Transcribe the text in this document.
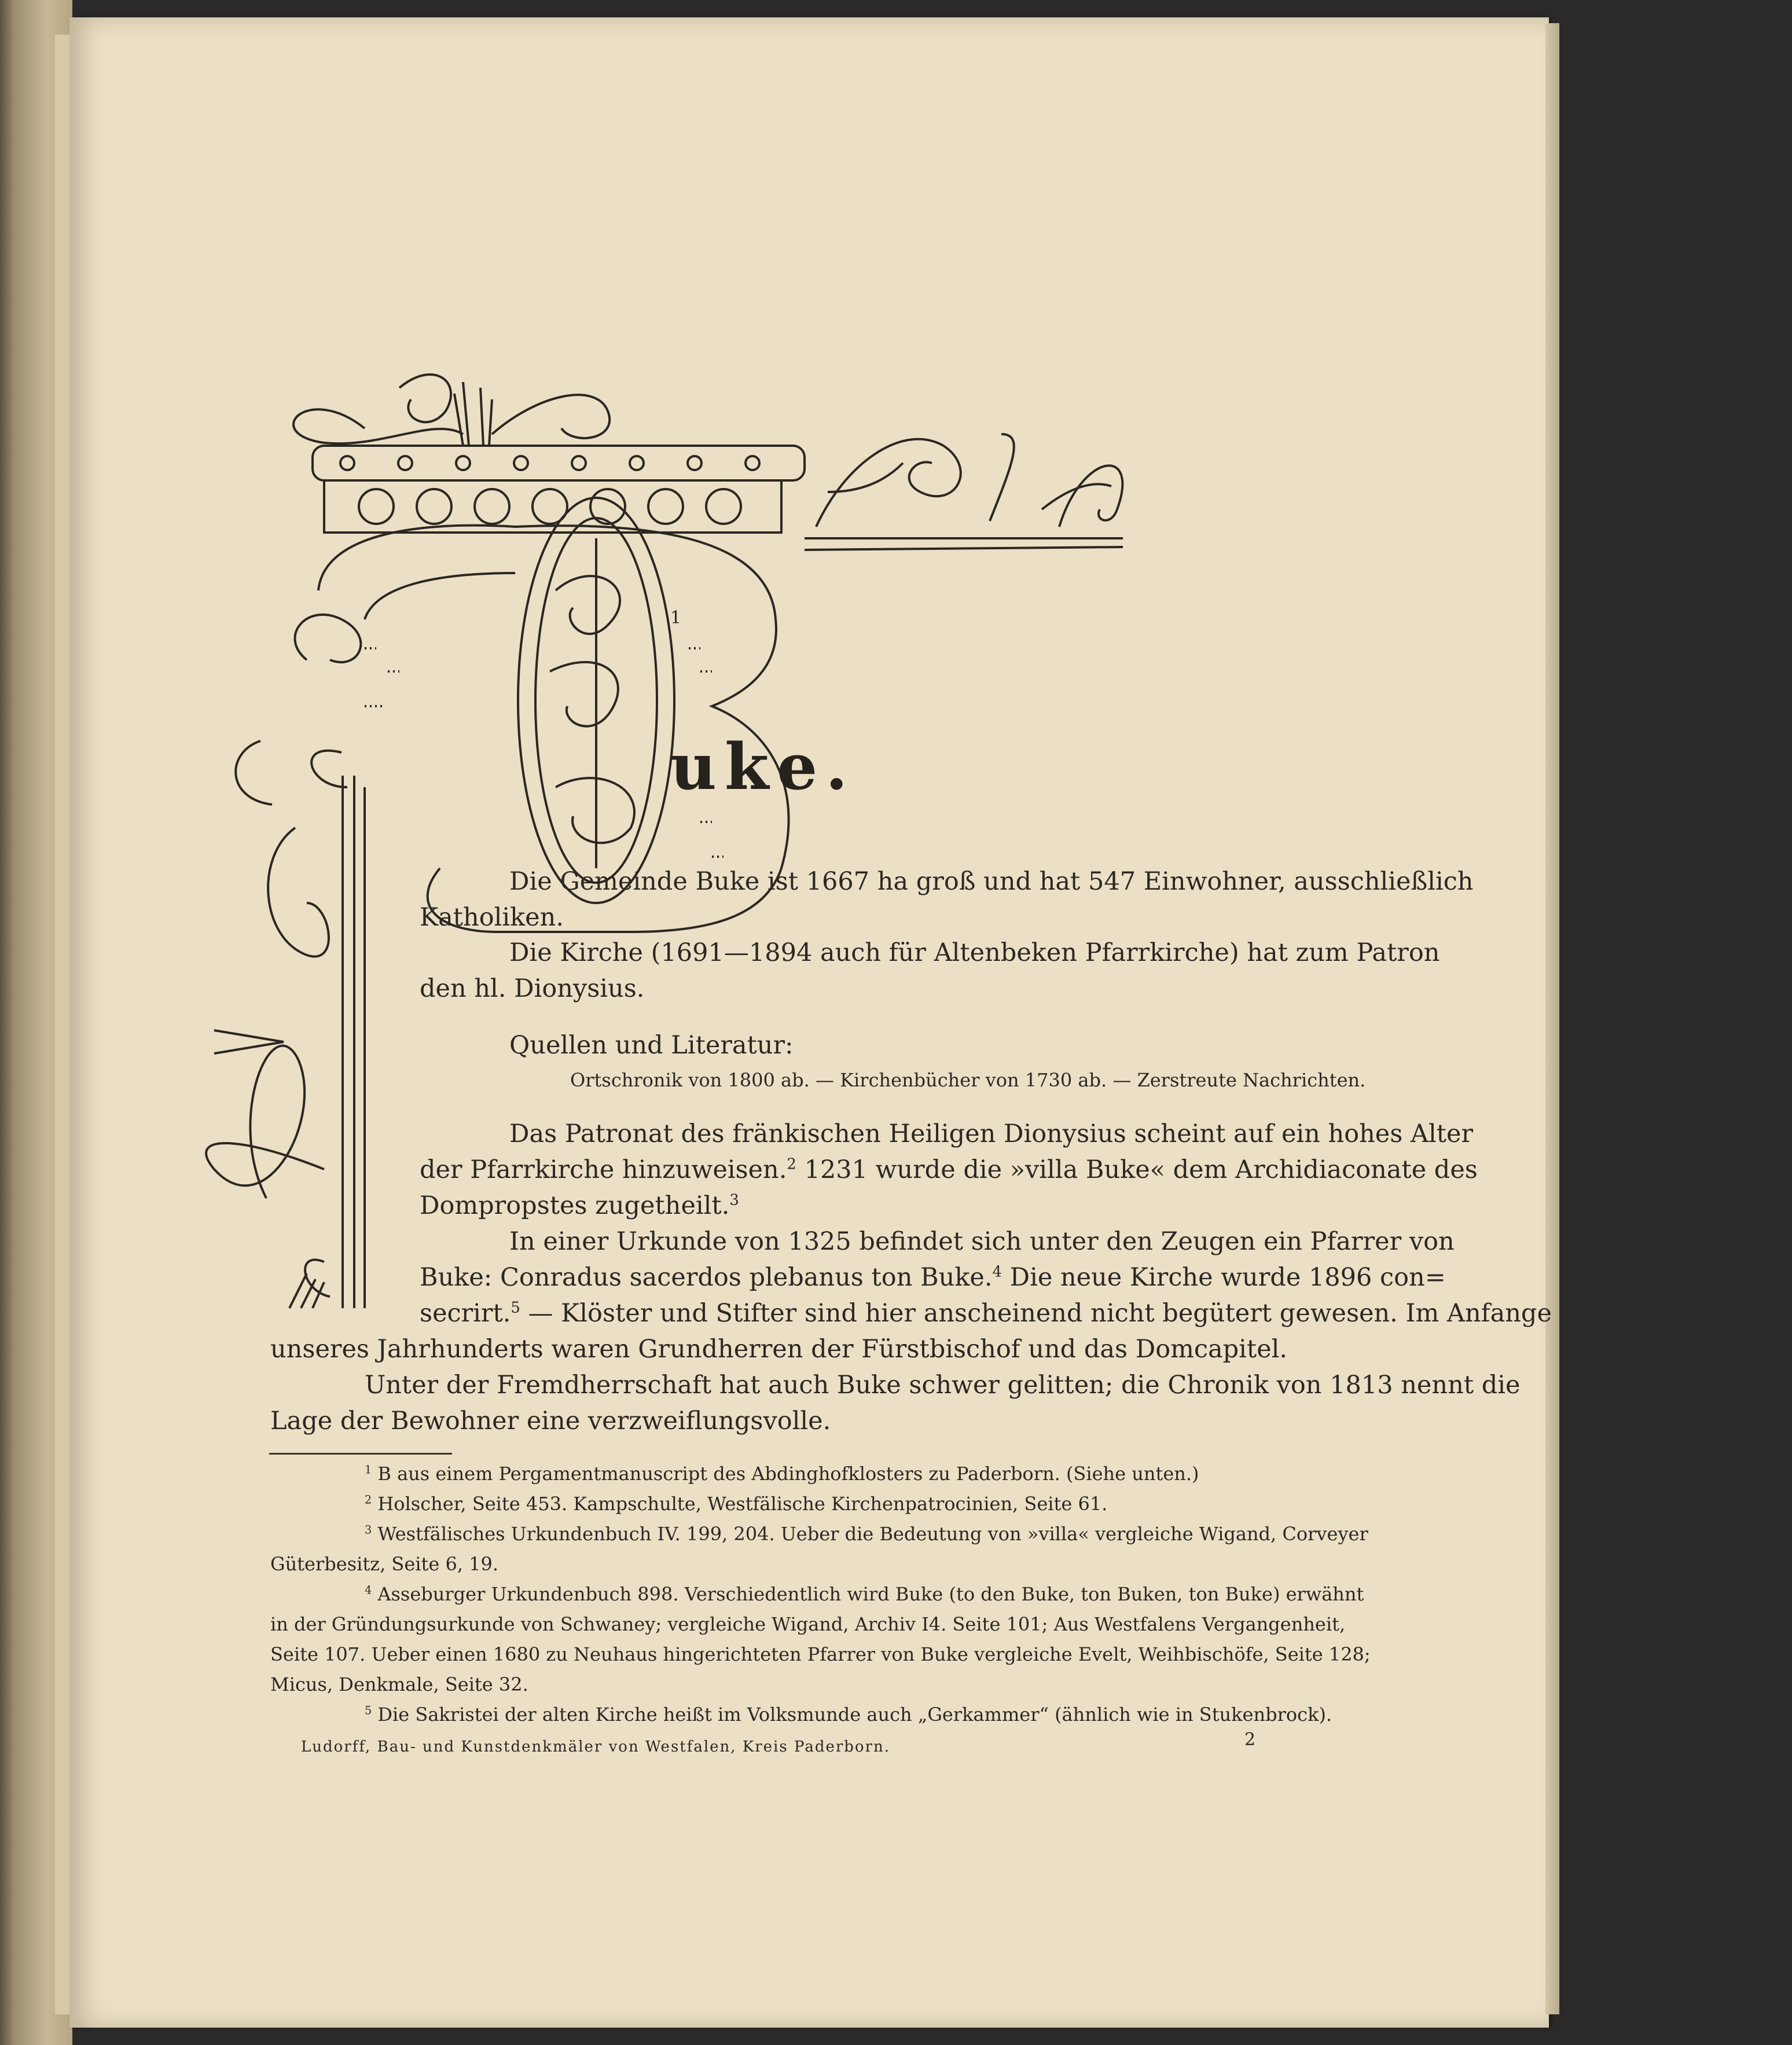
1
uke.
Die Gemeinde Buke ist 1667 ha groß und hat 547 Einwohner, ausschließlich
Katholiken.
Die Kirche (1691—1894 auch für Altenbeken Pfarrkirche) hat zum Patron
den hl. Dionysius.
Quellen und Literatur:
Ortschronik von 1800 ab. — Kirchenbücher von 1730 ab. — Zerstreute Nachrichten.
Das Patronat des fränkischen Heiligen Dionysius scheint auf ein hohes Alter
der Pfarrkirche hinzuweisen.$^2$ 1231 wurde die »villa Buke« dem Archidiaconate des
Dompropstes zugetheilt.$^3$
In einer Urkunde von 1325 befindet sich unter den Zeugen ein Pfarrer von
Buke: Conradus sacerdos plebanus ton Buke.$^4$ Die neue Kirche wurde 1896 con=
secrirt.$^5$ — Klöster und Stifter sind hier anscheinend nicht begütert gewesen. Im Anfange
unseres Jahrhunderts waren Grundherren der Fürstbischof und das Domcapitel.
Unter der Fremdherrschaft hat auch Buke schwer gelitten; die Chronik von 1813 nennt die
Lage der Bewohner eine verzweiflungsvolle.
$^1$ B aus einem Pergamentmanuscript des Abdinghofklosters zu Paderborn. (Siehe unten.)
$^2$ Holscher, Seite 453. Kampschulte, Westfälische Kirchenpatrocinien, Seite 61.
$^3$ Westfälisches Urkundenbuch IV. 199, 204. Ueber die Bedeutung von »villa« vergleiche Wigand, Corveyer
Güterbesitz, Seite 6, 19.
$^4$ Asseburger Urkundenbuch 898. Verschiedentlich wird Buke (to den Buke, ton Buken, ton Buke) erwähnt
in der Gründungsurkunde von Schwaney; vergleiche Wigand, Archiv I4. Seite 101; Aus Westfalens Vergangenheit,
Seite 107. Ueber einen 1680 zu Neuhaus hingerichteten Pfarrer von Buke vergleiche Evelt, Weihbischöfe, Seite 128;
Micus, Denkmale, Seite 32.
$^5$ Die Sakristei der alten Kirche heißt im Volksmunde auch „Gerkammer“ (ähnlich wie in Stukenbrock).
Ludorff, Bau- und Kunstdenkmäler von Westfalen, Kreis Paderborn.	2
